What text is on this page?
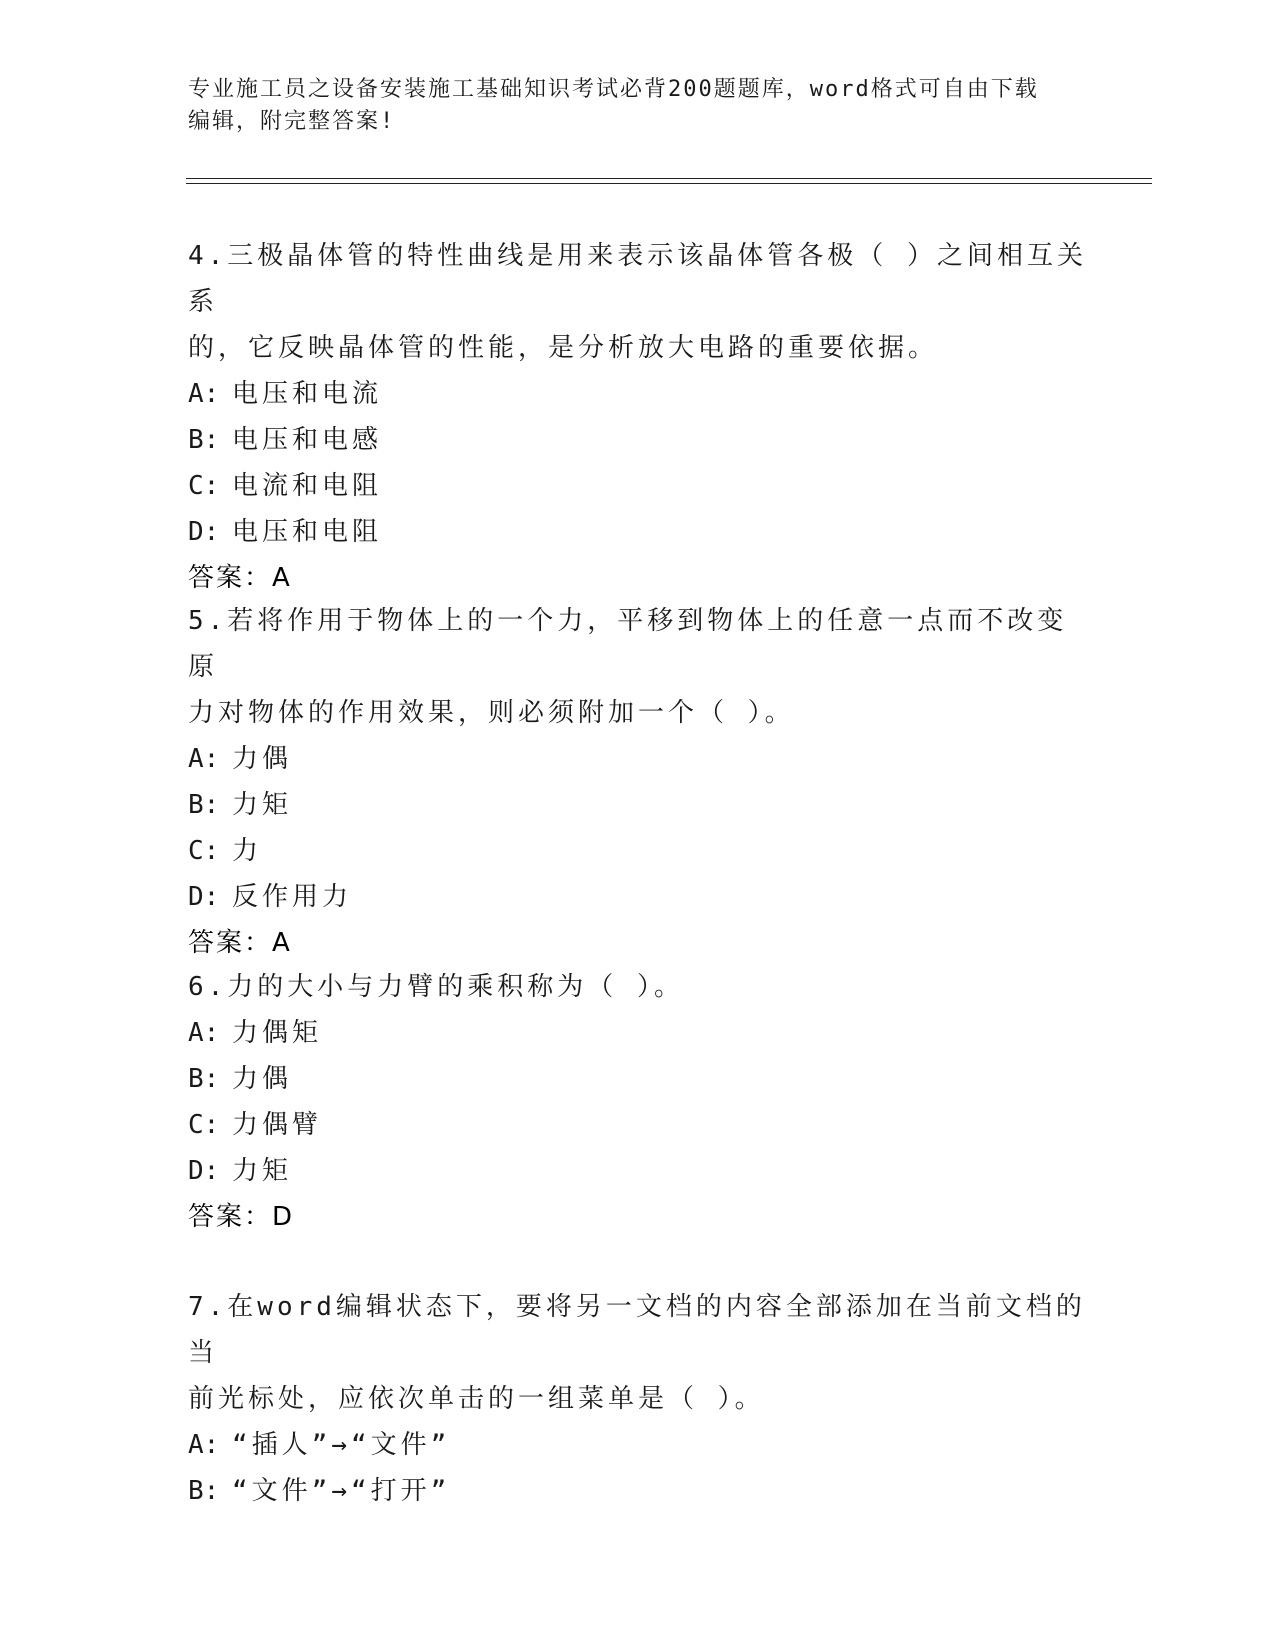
专业施工员之设备安装施工基础知识考试必背200题题库，word格式可自由下载
编辑，附完整答案!
4.三极晶体管的特性曲线是用来表示该晶体管各极（ ）之间相互关系
的，它反映晶体管的性能，是分析放大电路的重要依据。
A: 电压和电流
B: 电压和电感
C: 电流和电阻
D: 电压和电阻
答案：A
5.若将作用于物体上的一个力，平移到物体上的任意一点而不改变原
力对物体的作用效果，则必须附加一个（ ）。
A: 力偶
B: 力矩
C: 力
D: 反作用力
答案：A
6.力的大小与力臂的乘积称为（ ）。
A: 力偶矩
B: 力偶
C: 力偶臂
D: 力矩
答案：D
7.在word编辑状态下，要将另一文档的内容全部添加在当前文档的当
前光标处，应依次单击的一组菜单是（ ）。
A: “插人”→“文件”
B: “文件”→“打开”
